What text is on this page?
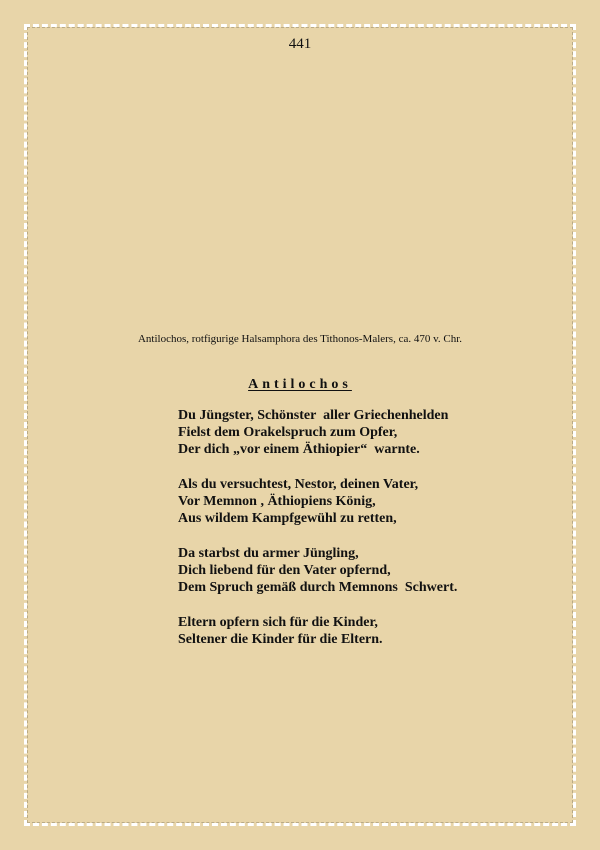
441
Antilochos, rotfigurige Halsamphora des Tithonos-Malers, ca. 470 v. Chr.
Antilochos
Du Jüngster, Schönster  aller Griechenhelden
Fielst dem Orakelspruch zum Opfer,
Der dich „vor einem Äthiopier“  warnte.
Als du versuchtest, Nestor, deinen Vater,
Vor Memnon , Äthiopiens König,
Aus wildem Kampfgewühl zu retten,
Da starbst du armer Jüngling,
Dich liebend für den Vater opfernd,
Dem Spruch gemäß durch Memnons  Schwert.
Eltern opfern sich für die Kinder,
Seltener die Kinder für die Eltern.
